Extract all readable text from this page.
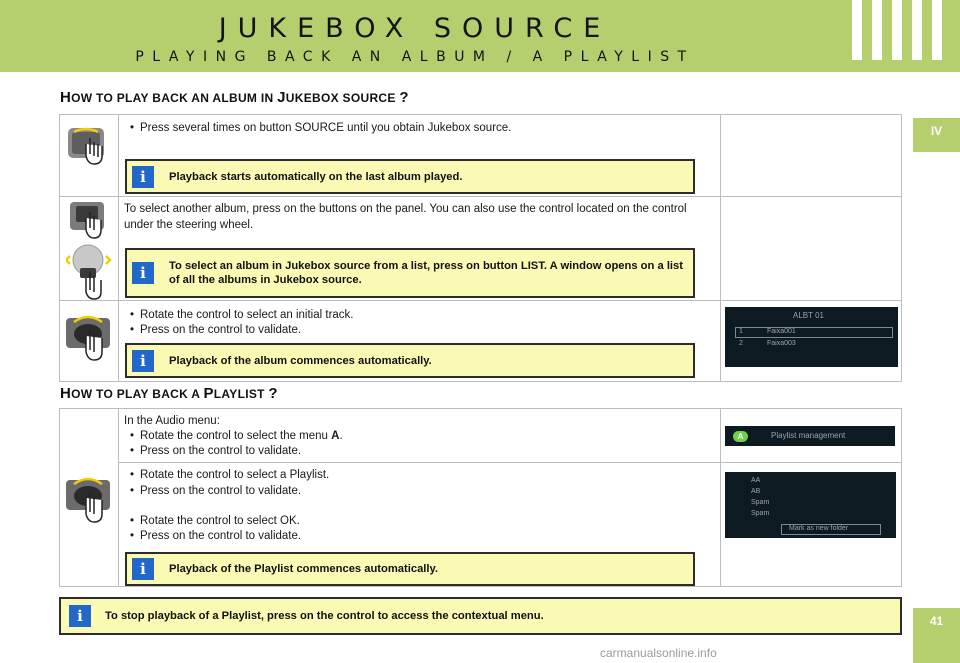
JUKEBOX SOURCE
PLAYING BACK AN ALBUM / A PLAYLIST
IV
41
HOW TO PLAY BACK AN ALBUM IN JUKEBOX SOURCE ?
• Press several times on button SOURCE until you obtain Jukebox source.
i	Playback starts automatically on the last album played.
To select another album, press on the buttons on the panel. You can also use the control located on the control under the steering wheel.
i	To select an album in Jukebox source from a list, press on button LIST. A window opens on a list of all the albums in Jukebox source.
• Rotate the control to select an initial track.
• Press on the control to validate.
i	Playback of the album commences automatically.
ALBT 01
1	Faixa001
2	Faixa003
HOW TO PLAY BACK A PLAYLIST ?
In the Audio menu:
• Rotate the control to select the menu A.
• Press on the control to validate.
A	Playlist management
• Rotate the control to select a Playlist.
• Press on the control to validate.
• Rotate the control to select OK.
• Press on the control to validate.
i	Playback of the Playlist commences automatically.
AA
AB
Spam
Spam
Mark as new folder
i	To stop playback of a Playlist, press on the control to access the contextual menu.
carmanualsonline.info
